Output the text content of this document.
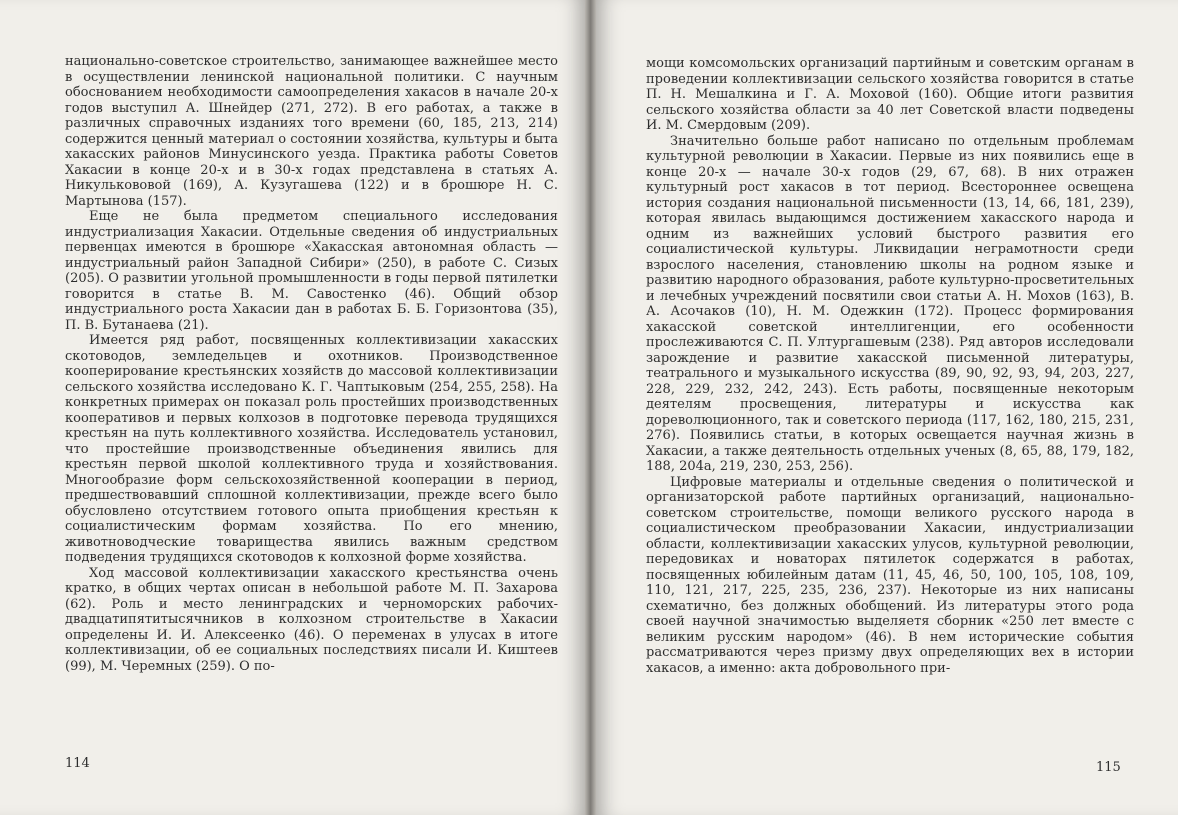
национально-советское строительство, занимающее важнейшее место в осуществлении ленинской национальной политики. С научным обоснованием необходимости самоопределения хакасов в начале 20-х годов выступил А. Шнейдер (271, 272). В его работах, а также в различных справочных изданиях того времени (60, 185, 213, 214) содержится ценный материал о состоянии хозяйства, культуры и быта хакасских районов Минусинского уезда. Практика работы Советов Хакасии в конце 20-х и в 30-х годах представлена в статьях А. Никулькововой (169), А. Кузугашева (122) и в брошюре Н. С. Мартынова (157).

Еще не была предметом специального исследования индустриализация Хакасии. Отдельные сведения об индустриальных первенцах имеются в брошюре «Хакасская автономная область — индустриальный район Западной Сибири» (250), в работе С. Сизых (205). О развитии угольной промышленности в годы первой пятилетки говорится в статье В. М. Савостенко (46). Общий обзор индустриального роста Хакасии дан в работах Б. Б. Горизонтова (35), П. В. Бутанаева (21).

Имеется ряд работ, посвященных коллективизации хакасских скотоводов, земледельцев и охотников. Производственное кооперирование крестьянских хозяйств до массовой коллективизации сельского хозяйства исследовано К. Г. Чаптыковым (254, 255, 258). На конкретных примерах он показал роль простейших производственных кооперативов и первых колхозов в подготовке перевода трудящихся крестьян на путь коллективного хозяйства. Исследователь установил, что простейшие производственные объединения явились для крестьян первой школой коллективного труда и хозяйствования. Многообразие форм сельскохозяйственной кооперации в период, предшествовавший сплошной коллективизации, прежде всего было обусловлено отсутствием готового опыта приобщения крестьян к социалистическим формам хозяйства. По его мнению, животноводческие товарищества явились важным средством подведения трудящихся скотоводов к колхозной форме хозяйства.

Ход массовой коллективизации хакасского крестьянства очень кратко, в общих чертах описан в небольшой работе М. П. Захарова (62). Роль и место ленинградских и черноморских рабочих-двадцатипятитысячников в колхозном строительстве в Хакасии определены И. И. Алексеенко (46). О переменах в улусах в итоге коллективизации, об ее социальных последствиях писали И. Киштеев (99), М. Черемных (259). О по-

114

мощи комсомольских организаций партийным и советским органам в проведении коллективизации сельского хозяйства говорится в статье П. Н. Мешалкина и Г. А. Моховой (160). Общие итоги развития сельского хозяйства области за 40 лет Советской власти подведены И. М. Смердовым (209).

Значительно больше работ написано по отдельным проблемам культурной революции в Хакасии. Первые из них появились еще в конце 20-х — начале 30-х годов (29, 67, 68). В них отражен культурный рост хакасов в тот период. Всестороннее освещена история создания национальной письменности (13, 14, 66, 181, 239), которая явилась выдающимся достижением хакасского народа и одним из важнейших условий быстрого развития его социалистической культуры. Ликвидации неграмотности среди взрослого населения, становлению школы на родном языке и развитию народного образования, работе культурно-просветительных и лечебных учреждений посвятили свои статьи А. Н. Мохов (163), В. А. Асочаков (10), Н. М. Одежкин (172). Процесс формирования хакасской советской интеллигенции, его особенности прослеживаются С. П. Ултургашевым (238). Ряд авторов исследовали зарождение и развитие хакасской письменной литературы, театрального и музыкального искусства (89, 90, 92, 93, 94, 203, 227, 228, 229, 232, 242, 243). Есть работы, посвященные некоторым деятелям просвещения, литературы и искусства как дореволюционного, так и советского периода (117, 162, 180, 215, 231, 276). Появились статьи, в которых освещается научная жизнь в Хакасии, а также деятельность отдельных ученых (8, 65, 88, 179, 182, 188, 204а, 219, 230, 253, 256).

Цифровые материалы и отдельные сведения о политической и организаторской работе партийных организаций, национально-советском строительстве, помощи великого русского народа в социалистическом преобразовании Хакасии, индустриализации области, коллективизации хакасских улусов, культурной революции, передовиках и новаторах пятилеток содержатся в работах, посвященных юбилейным датам (11, 45, 46, 50, 100, 105, 108, 109, 110, 121, 217, 225, 235, 236, 237). Некоторые из них написаны схематично, без должных обобщений. Из литературы этого рода своей научной значимостью выделяетя сборник «250 лет вместе с великим русским народом» (46). В нем исторические события рассматриваются через призму двух определяющих вех в истории хакасов, а именно: акта добровольного при-

115
